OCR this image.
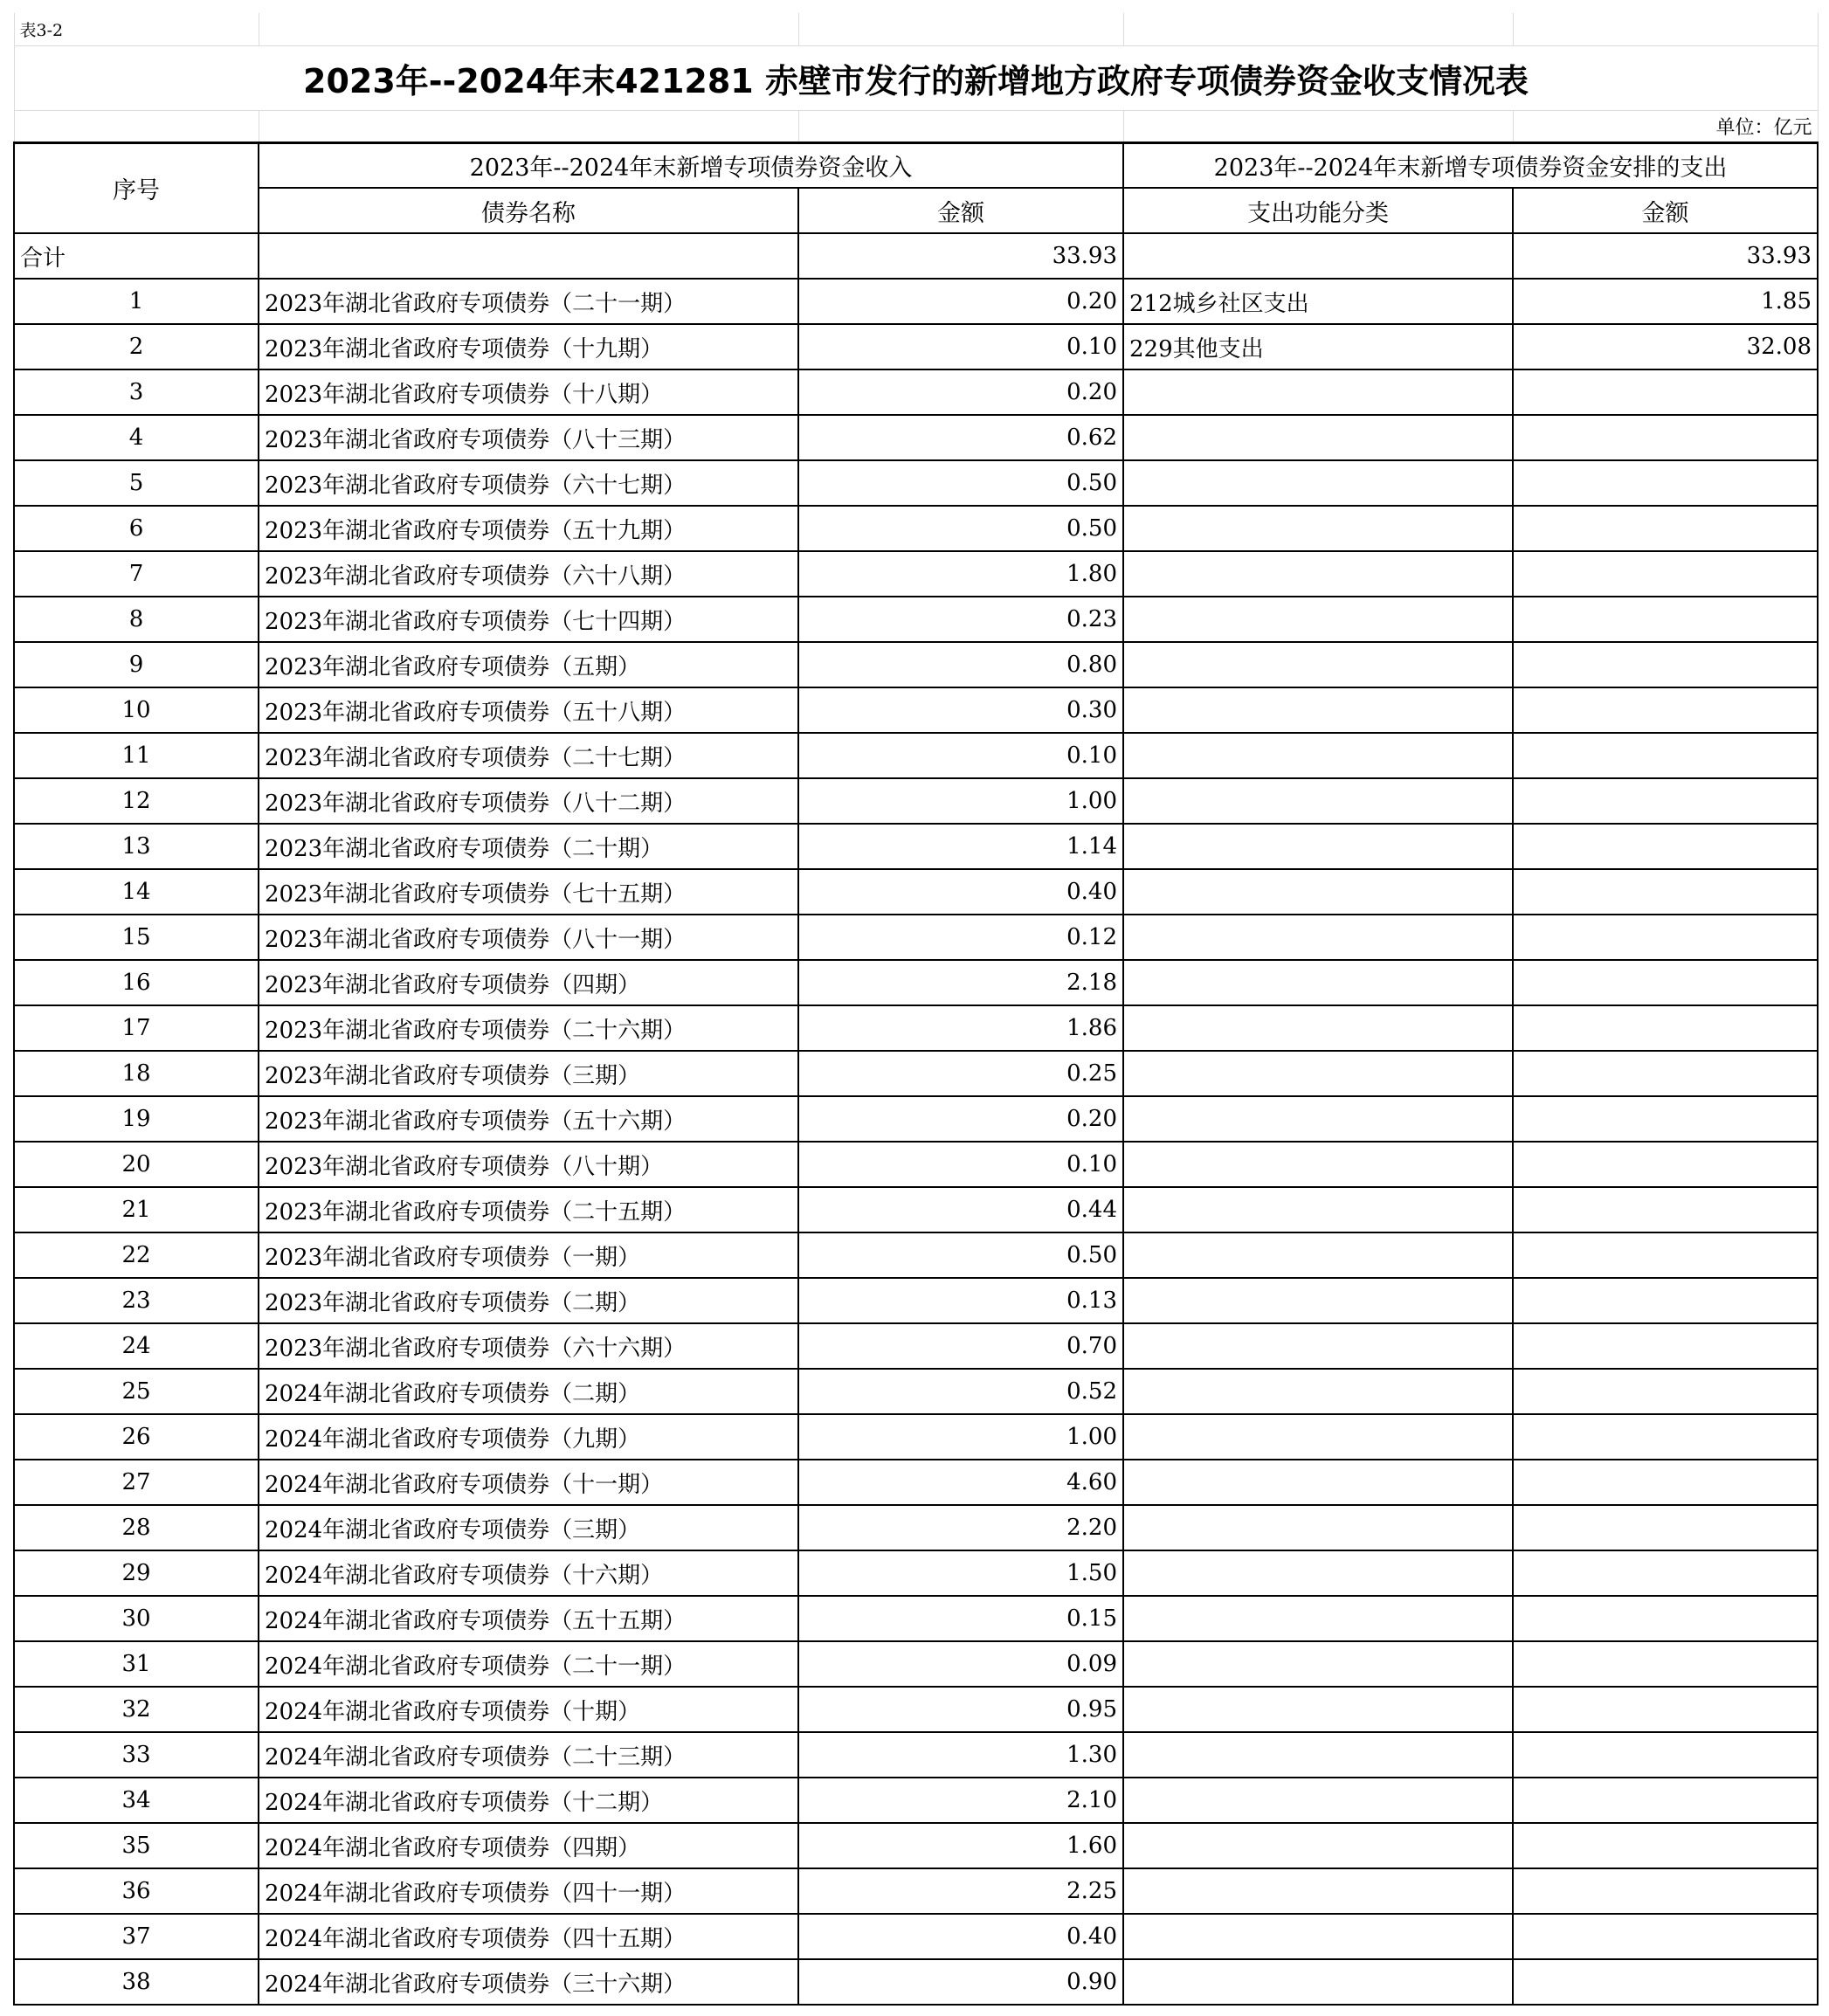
表3-2				
2023年--2024年末421281 赤壁市发行的新增地方政府专项债券资金收支情况表				
				单位：亿元
序号	2023年--2024年末新增专项债券资金收入		2023年--2024年末新增专项债券资金安排的支出	
	债券名称	金额	支出功能分类	金额
合计		33.93		33.93
1	2023年湖北省政府专项债券（二十一期）	0.20	212城乡社区支出	1.85
2	2023年湖北省政府专项债券（十九期）	0.10	229其他支出	32.08
3	2023年湖北省政府专项债券（十八期）	0.20		
4	2023年湖北省政府专项债券（八十三期）	0.62		
5	2023年湖北省政府专项债券（六十七期）	0.50		
6	2023年湖北省政府专项债券（五十九期）	0.50		
7	2023年湖北省政府专项债券（六十八期）	1.80		
8	2023年湖北省政府专项债券（七十四期）	0.23		
9	2023年湖北省政府专项债券（五期）	0.80		
10	2023年湖北省政府专项债券（五十八期）	0.30		
11	2023年湖北省政府专项债券（二十七期）	0.10		
12	2023年湖北省政府专项债券（八十二期）	1.00		
13	2023年湖北省政府专项债券（二十期）	1.14		
14	2023年湖北省政府专项债券（七十五期）	0.40		
15	2023年湖北省政府专项债券（八十一期）	0.12		
16	2023年湖北省政府专项债券（四期）	2.18		
17	2023年湖北省政府专项债券（二十六期）	1.86		
18	2023年湖北省政府专项债券（三期）	0.25		
19	2023年湖北省政府专项债券（五十六期）	0.20		
20	2023年湖北省政府专项债券（八十期）	0.10		
21	2023年湖北省政府专项债券（二十五期）	0.44		
22	2023年湖北省政府专项债券（一期）	0.50		
23	2023年湖北省政府专项债券（二期）	0.13		
24	2023年湖北省政府专项债券（六十六期）	0.70		
25	2024年湖北省政府专项债券（二期）	0.52		
26	2024年湖北省政府专项债券（九期）	1.00		
27	2024年湖北省政府专项债券（十一期）	4.60		
28	2024年湖北省政府专项债券（三期）	2.20		
29	2024年湖北省政府专项债券（十六期）	1.50		
30	2024年湖北省政府专项债券（五十五期）	0.15		
31	2024年湖北省政府专项债券（二十一期）	0.09		
32	2024年湖北省政府专项债券（十期）	0.95		
33	2024年湖北省政府专项债券（二十三期）	1.30		
34	2024年湖北省政府专项债券（十二期）	2.10		
35	2024年湖北省政府专项债券（四期）	1.60		
36	2024年湖北省政府专项债券（四十一期）	2.25		
37	2024年湖北省政府专项债券（四十五期）	0.40		
38	2024年湖北省政府专项债券（三十六期）	0.90		
